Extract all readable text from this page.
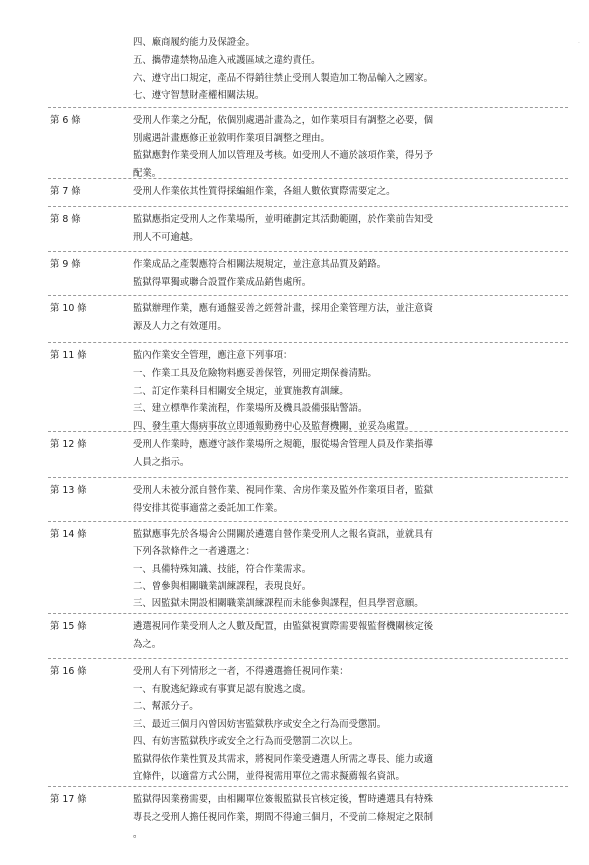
·
四、廠商履約能力及保證金。
五、攜帶違禁物品進入戒護區域之違約責任。
六、遵守出口規定，產品不得銷往禁止受刑人製造加工物品輸入之國家。
七、遵守智慧財產權相關法規。
第 6 條	受刑人作業之分配，依個別處遇計畫為之，如作業項目有調整之必要，個
別處遇計畫應修正並敘明作業項目調整之理由。
監獄應對作業受刑人加以管理及考核。如受刑人不適於該項作業，得另予
配業。
第 7 條	受刑人作業依其性質得採編組作業，各組人數依實際需要定之。
第 8 條	監獄應指定受刑人之作業場所，並明確劃定其活動範圍，於作業前告知受
刑人不可逾越。
第 9 條	作業成品之產製應符合相關法規規定，並注意其品質及銷路。
監獄得單獨或聯合設置作業成品銷售處所。
第 10 條	監獄辦理作業，應有通盤妥善之經營計畫，採用企業管理方法，並注意資
源及人力之有效運用。
第 11 條	監內作業安全管理，應注意下列事項：
一、作業工具及危險物料應妥善保管，列冊定期保養清點。
二、訂定作業科目相關安全規定，並實施教育訓練。
三、建立標準作業流程，作業場所及機具設備張貼警語。
四、發生重大傷病事故立即通報勤務中心及監督機關，並妥為處置。
第 12 條	受刑人作業時，應遵守該作業場所之規範，服從場舍管理人員及作業指導
人員之指示。
第 13 條	受刑人未被分派自營作業、視同作業、舍房作業及監外作業項目者，監獄
得安排其從事適當之委託加工作業。
第 14 條	監獄應事先於各場舍公開關於遴選自營作業受刑人之報名資訊，並就具有
下列各款條件之一者遴選之：
一、具備特殊知識、技能，符合作業需求。
二、曾參與相關職業訓練課程，表現良好。
三、因監獄未開設相關職業訓練課程而未能參與課程，但具學習意願。
第 15 條	遴選視同作業受刑人之人數及配置，由監獄視實際需要報監督機關核定後
為之。
第 16 條	受刑人有下列情形之一者，不得遴選擔任視同作業：
一、有脫逃紀錄或有事實足認有脫逃之虞。
二、幫派分子。
三、最近三個月內曾因妨害監獄秩序或安全之行為而受懲罰。
四、有妨害監獄秩序或安全之行為而受懲罰二次以上。
監獄得依作業性質及其需求，將視同作業受遴選人所需之專長、能力或適
宜條件，以適當方式公開，並得視需用單位之需求擬薦報名資訊。
第 17 條	監獄得因業務需要，由相關單位簽報監獄長官核定後，暫時遴選具有特殊
專長之受刑人擔任視同作業，期間不得逾三個月，不受前二條規定之限制
。
